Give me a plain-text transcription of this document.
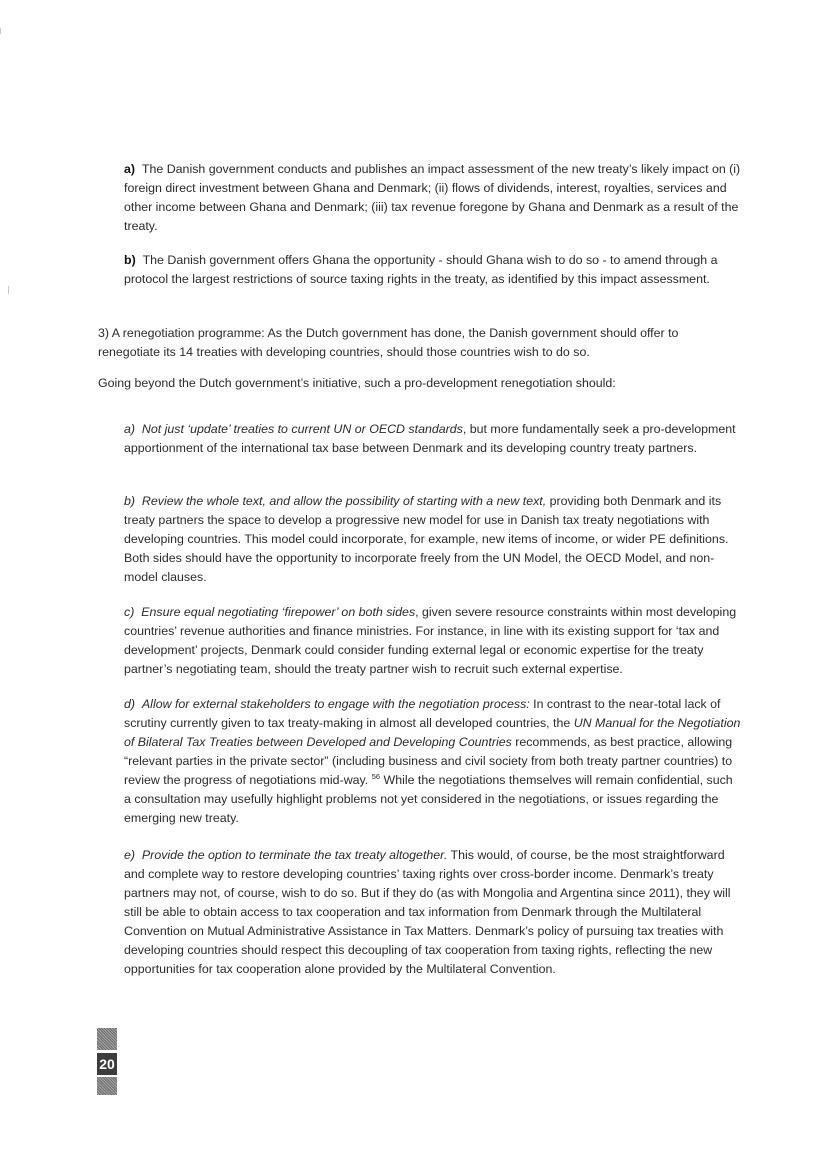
a) The Danish government conducts and publishes an impact assessment of the new treaty’s likely impact on (i) foreign direct investment between Ghana and Denmark; (ii) flows of dividends, interest, royalties, services and other income between Ghana and Denmark; (iii) tax revenue foregone by Ghana and Denmark as a result of the treaty.

b) The Danish government offers Ghana the opportunity - should Ghana wish to do so - to amend through a protocol the largest restrictions of source taxing rights in the treaty, as identified by this impact assessment.

3) A renegotiation programme: As the Dutch government has done, the Danish government should offer to renegotiate its 14 treaties with developing countries, should those countries wish to do so.

Going beyond the Dutch government’s initiative, such a pro-development renegotiation should:

a) Not just ‘update’ treaties to current UN or OECD standards, but more fundamentally seek a pro-development apportionment of the international tax base between Denmark and its developing country treaty partners.

b) Review the whole text, and allow the possibility of starting with a new text, providing both Denmark and its treaty partners the space to develop a progressive new model for use in Danish tax treaty negotiations with developing countries. This model could incorporate, for example, new items of income, or wider PE definitions. Both sides should have the opportunity to incorporate freely from the UN Model, the OECD Model, and non-model clauses.

c) Ensure equal negotiating ‘firepower’ on both sides, given severe resource constraints within most developing countries’ revenue authorities and finance ministries. For instance, in line with its existing support for ‘tax and development’ projects, Denmark could consider funding external legal or economic expertise for the treaty partner’s negotiating team, should the treaty partner wish to recruit such external expertise.

d) Allow for external stakeholders to engage with the negotiation process: In contrast to the near-total lack of scrutiny currently given to tax treaty-making in almost all developed countries, the UN Manual for the Negotiation of Bilateral Tax Treaties between Developed and Developing Countries recommends, as best practice, allowing “relevant parties in the private sector” (including business and civil society from both treaty partner countries) to review the progress of negotiations mid-way. $^{56}$ While the negotiations themselves will remain confidential, such a consultation may usefully highlight problems not yet considered in the negotiations, or issues regarding the emerging new treaty.

e) Provide the option to terminate the tax treaty altogether. This would, of course, be the most straightforward and complete way to restore developing countries’ taxing rights over cross-border income. Denmark’s treaty partners may not, of course, wish to do so. But if they do (as with Mongolia and Argentina since 2011), they will still be able to obtain access to tax cooperation and tax information from Denmark through the Multilateral Convention on Mutual Administrative Assistance in Tax Matters. Denmark’s policy of pursuing tax treaties with developing countries should respect this decoupling of tax cooperation from taxing rights, reflecting the new opportunities for tax cooperation alone provided by the Multilateral Convention.

20
